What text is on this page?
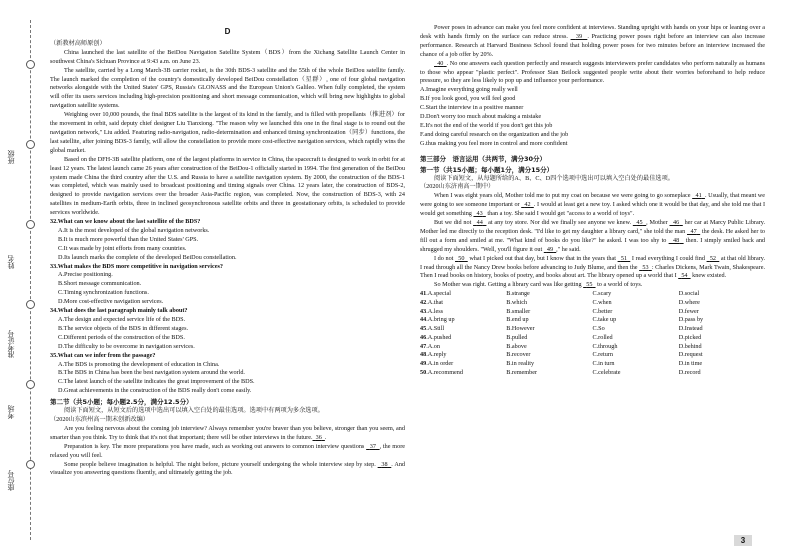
班级
姓名
准考证号
考场
座位号
D

（新教材高师原创）

China launched the last satellite of the BeiDou Navigation Satellite System（BDS）from the Xichang Satellite Launch Center in southwest China's Sichuan Province at 9:43 a.m. on June 23.

The satellite, carried by a Long March-3B carrier rocket, is the 30th BDS-3 satellite and the 55th of the whole BeiDou satellite family. The launch marked the completion of the country's domestically developed BeiDou constellation（星群）, one of four global navigation networks alongside with the United States' GPS, Russia's GLONASS and the European Union's Galileo. When fully completed, the system will offer its users services including high-precision positioning and short message communication, which will bring new highlights to global navigation satellite systems.

Weighing over 10,000 pounds, the final BDS satellite is the largest of its kind in the family, and is filled with propellants（推进剂）for the movement in orbit, said deputy chief designer Liu Tianxiong. "The reason why we launched this one in the final stage is to round out the navigation network," Liu added. Featuring radio-navigation, radio-determination and enhanced timing synchronization（同步）functions, the last satellite, after joining BDS-3 family, will allow the constellation to provide more cost-effective navigation services, which rapidly wins the global market.

Based on the DFH-3B satellite platform, one of the largest platforms in service in China, the spacecraft is designed to work in orbit for at least 12 years. The latest launch came 26 years after construction of the BeiDou-1 officially started in 1994. The first generation of the BeiDou system made China the third country after the U.S. and Russia to have a satellite navigation system. By 2000, the construction of the BDS-1 was completed, which was mainly used to broadcast positioning and timing signals over China. 12 years later, the construction of BDS-2, designed to provide navigation services over the broader Asia-Pacific region, was completed. Now, the construction of BDS-3, with 24 satellites in medium-Earth orbits, three in inclined geosynchronous satellite orbits and three in geostationary orbits, is scheduled to provide services worldwide.

32.What can we know about the last satellite of the BDS?

A.It is the most developed of the global navigation networks.

B.It is much more powerful than the United States' GPS.

C.It was made by joint efforts from many countries.

D.Its launch marks the complete of the developed BeiDou constellation.

33.What makes the BDS more competitive in navigation services?

A.Precise positioning.

B.Short message communication.

C.Timing synchronization functions.

D.More cost-effective navigation services.

34.What does the last paragraph mainly talk about?

A.The design and expected service life of the BDS.

B.The service objects of the BDS in different stages.

C.Different periods of the construction of the BDS.

D.The difficulty to be overcome in navigation services.

35.What can we infer from the passage?

A.The BDS is promoting the development of education in China.

B.The BDS in China has been the best navigation system around the world.

C.The latest launch of the satellite indicates the great improvement of the BDS.

D.Great achievements in the construction of the BDS really don't come easily.

第二节（共5小题；每小题2.5分，满分12.5分）

阅读下面短文，从短文后的选项中选出可以填入空白处的最佳选项。选项中有两项为多余选项。

（2020山东滨州高一期末创新改编）

Are you feeling nervous about the coming job interview? Always remember you're braver than you believe, stronger than you seem, and smarter than you think. Try to think that it's not that important; there will be other interviews in the future. 36 .

Preparation is key. The more preparations you have made, such as working out answers to common interview questions 37 , the more relaxed you will feel.

Some people believe imagination is helpful. The night before, picture yourself undergoing the whole interview step by step. 38 . And visualize you answering questions fluently, and ultimately getting the job.

Power poses in advance can make you feel more confident at interviews. Standing upright with hands on your hips or leaning over a desk with hands firmly on the surface can reduce stress. 39 . Practicing power poses right before an interview can also increase performance. Research at Harvard Business School found that holding power poses for two minutes before an interview increased the chance of a job offer by 20%.

40 . No one answers each question perfectly and research suggests interviewers prefer candidates who perform naturally as humans to those who appear "plastic perfect". Professor Sian Beilock suggested people write about their worries beforehand to help reduce pressure, so they are less likely to pop up and influence your performance.

A.Imagine everything going really well

B.If you look good, you will feel good

C.Start the interview in a positive manner

D.Don't worry too much about making a mistake

E.It's not the end of the world if you don't get this job

F.and doing careful research on the organization and the job

G.thus making you feel more in control and more confident

第三部分　语言运用（共两节，满分30分）

第一节（共15小题；每小题1分，满分15分）

阅读下面短文，从每题所给的A、B、C、D四个选项中选出可以填入空白处的最佳选项。

（2020山东济南高一期中）

When I was eight years old, Mother told me to put my coat on because we were going to go someplace   41 . Usually, that meant we were going to see someone important or   42 . I would at least get a new toy. I asked which one it would be that day, and she told me that I would get something   43   than a toy. She said I would get "access to a world of toys".

But we did not   44   at any toy store. Nor did we finally see anyone we knew.   45 , Mother   46   her car at Marcy Public Library. Mother led me directly to the reception desk. "I'd like to get my daughter a library card," she told the man   47   the desk. He asked her to fill out a form and smiled at me. "What kind of books do you like?" he asked. I was too shy to   48   then. I simply smiled back and shrugged my shoulders. "Well, you'll figure it out   49 ," he said.

I do not   50   what I picked out that day, but I know that in the years that   51   I read everything I could find   52   at that old library. I read through all the Nancy Drew books before advancing to Judy Blume, and then the   53 : Charles Dickens, Mark Twain, Shakespeare. Then I read books on history, books of poetry, and books about art. The library opened up a world that I   54   knew existed.

So Mother was right. Getting a library card was like getting   55   to a world of toys.

41.A.special	B.strange	C.scary	D.social
42.A.that	B.which	C.when	D.where
43.A.less	B.smaller	C.better	D.fewer
44.A.bring up	B.end up	C.take up	D.pass by
45.A.Still	B.However	C.So	D.Instead
46.A.pushed	B.pulled	C.rolled	D.picked
47.A.on	B.above	C.through	D.behind
48.A.reply	B.recover	C.return	D.request
49.A.in order	B.in reality	C.in turn	D.in time
50.A.recommend	B.remember	C.celebrate	D.record
3
